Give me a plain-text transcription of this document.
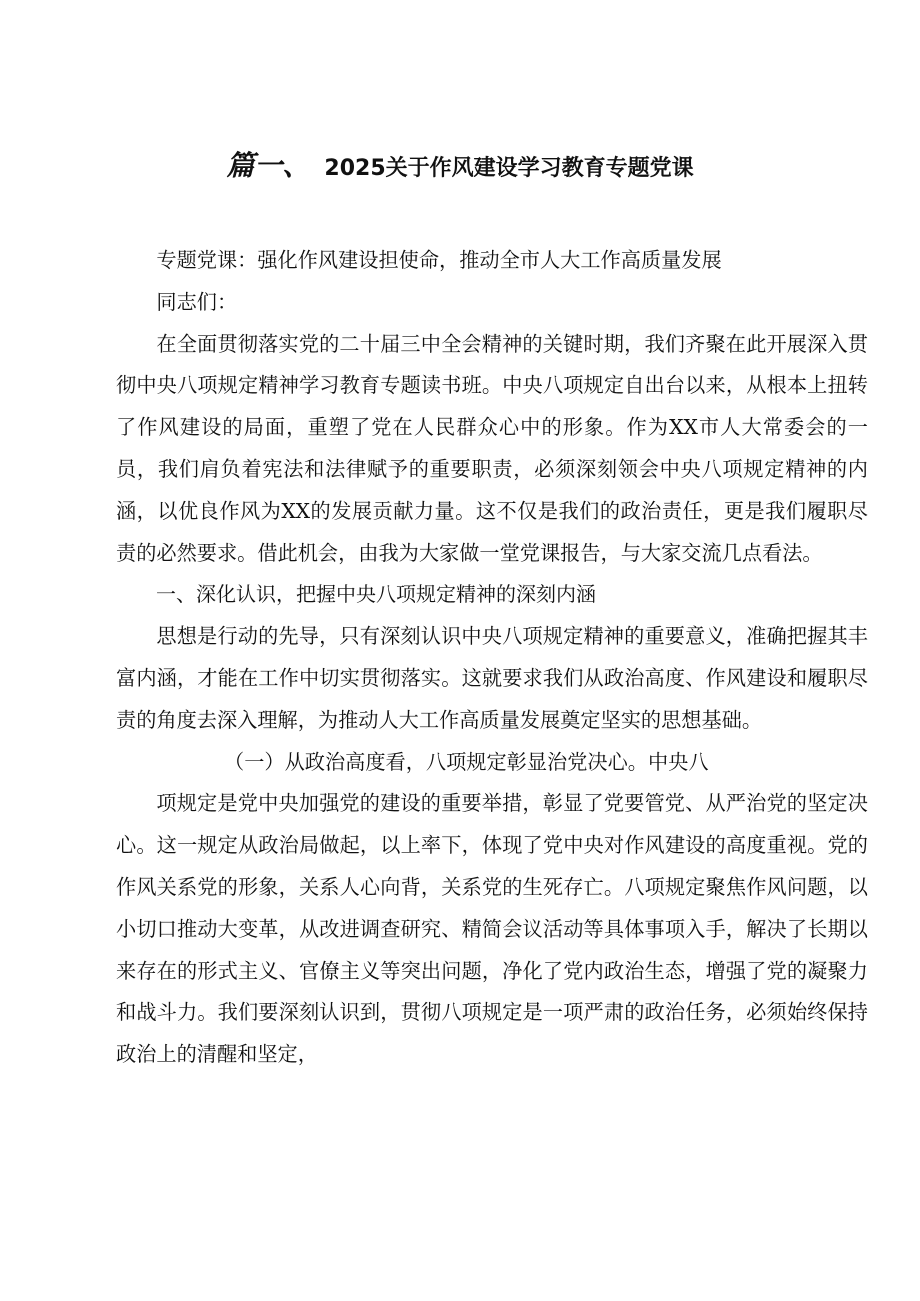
篇一、 2025关于作风建设学习教育专题党课

专题党课：强化作风建设担使命，推动全市人大工作高质量发展

同志们：

在全面贯彻落实党的二十届三中全会精神的关键时期，我们齐聚在此开展深入贯彻中央八项规定精神学习教育专题读书班。中央八项规定自出台以来，从根本上扭转了作风建设的局面，重塑了党在人民群众心中的形象。作为XX市人大常委会的一员，我们肩负着宪法和法律赋予的重要职责，必须深刻领会中央八项规定精神的内涵，以优良作风为XX的发展贡献力量。这不仅是我们的政治责任，更是我们履职尽责的必然要求。借此机会，由我为大家做一堂党课报告，与大家交流几点看法。

一、深化认识，把握中央八项规定精神的深刻内涵

思想是行动的先导，只有深刻认识中央八项规定精神的重要意义，准确把握其丰富内涵，才能在工作中切实贯彻落实。这就要求我们从政治高度、作风建设和履职尽责的角度去深入理解，为推动人大工作高质量发展奠定坚实的思想基础。

（一）从政治高度看，八项规定彰显治党决心。中央八

项规定是党中央加强党的建设的重要举措，彰显了党要管党、从严治党的坚定决心。这一规定从政治局做起，以上率下，体现了党中央对作风建设的高度重视。党的作风关系党的形象，关系人心向背，关系党的生死存亡。八项规定聚焦作风问题，以小切口推动大变革，从改进调查研究、精简会议活动等具体事项入手，解决了长期以来存在的形式主义、官僚主义等突出问题，净化了党内政治生态，增强了党的凝聚力和战斗力。我们要深刻认识到，贯彻八项规定是一项严肃的政治任务，必须始终保持政治上的清醒和坚定，
